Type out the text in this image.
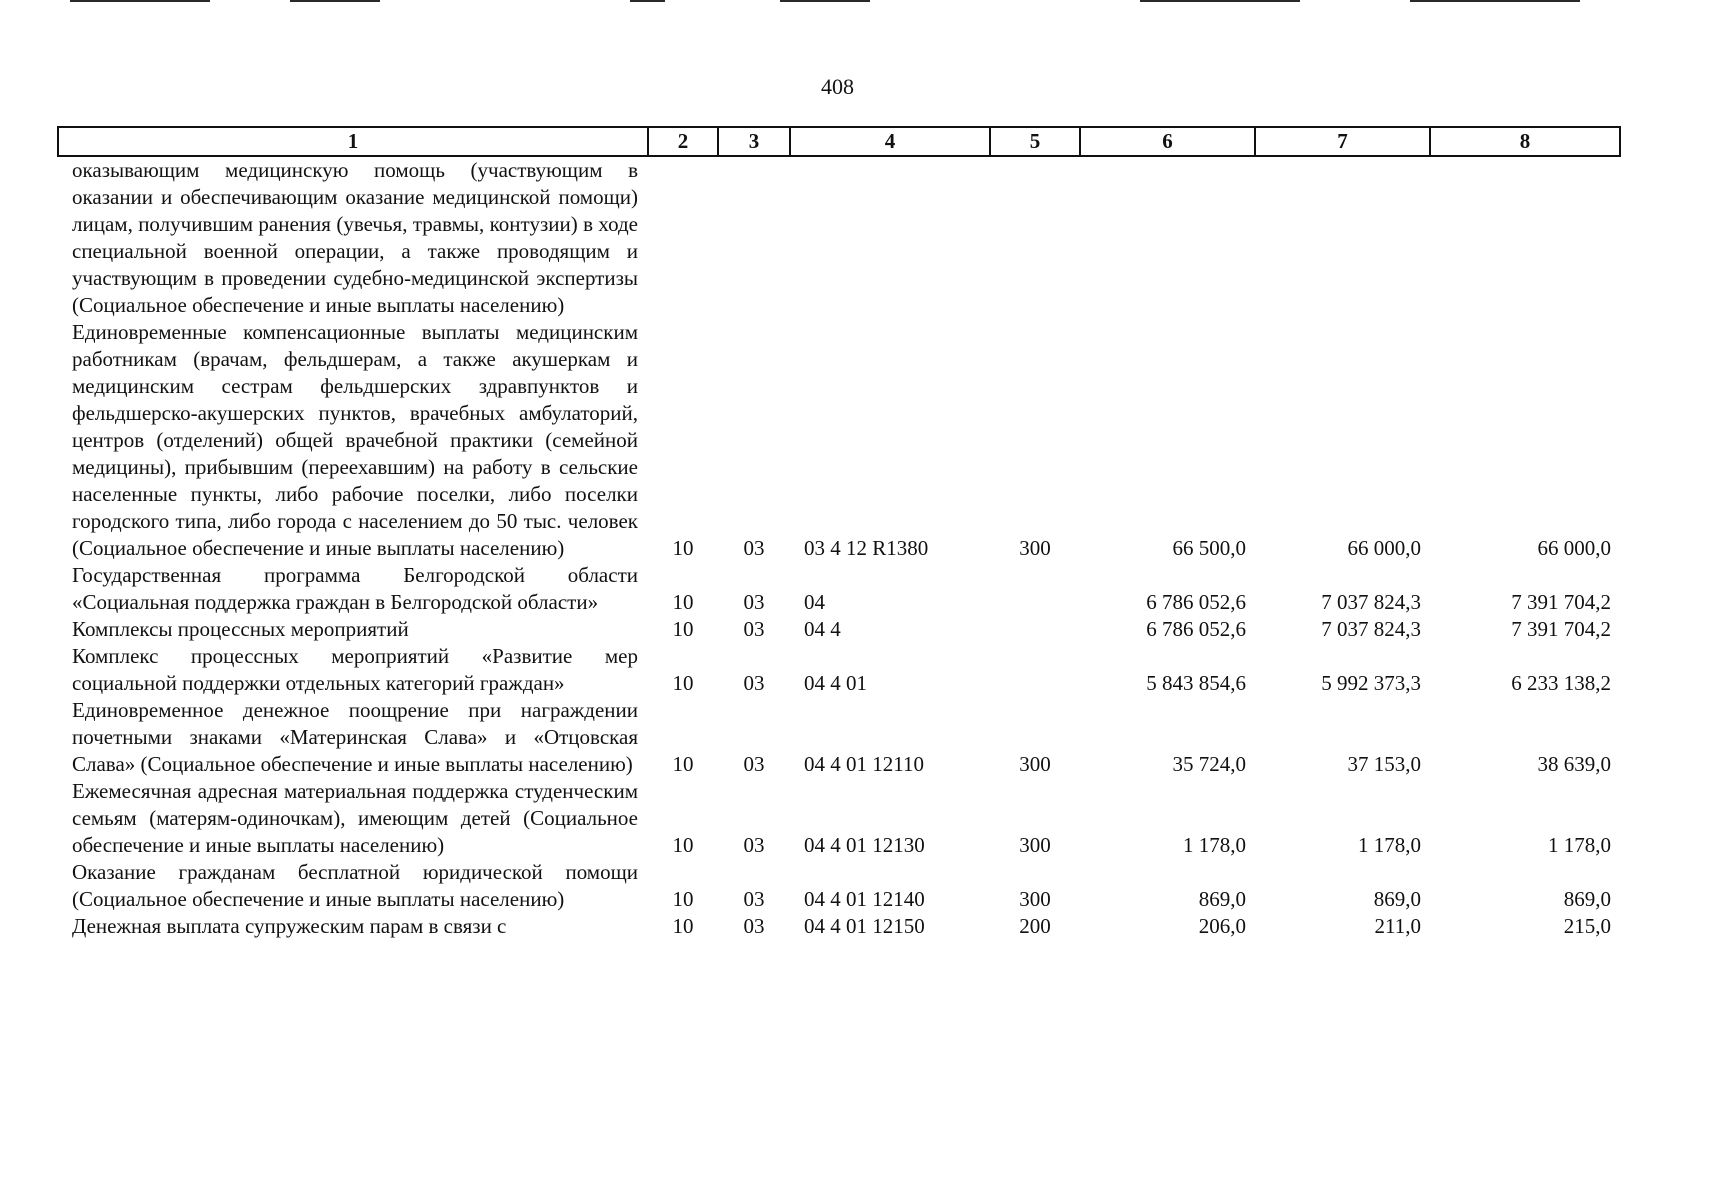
408
1	2	3	4	5	6	7	8
оказывающим медицинскую помощь (участвующим в оказании и обеспечивающим оказание медицинской помощи) лицам, получившим ранения (увечья, травмы, контузии) в ходе специальной военной операции, а также проводящим и участвующим в проведении судебно-медицинской экспертизы (Социальное обеспечение и иные выплаты населению)							
Единовременные компенсационные выплаты медицинским работникам (врачам, фельдшерам, а также акушеркам и медицинским сестрам фельдшерских здравпунктов и фельдшерско-акушерских пунктов, врачебных амбулаторий, центров (отделений) общей врачебной практики (семейной медицины), прибывшим (переехавшим) на работу в сельские населенные пункты, либо рабочие поселки, либо поселки городского типа, либо города с населением до 50 тыс. человек (Социальное обеспечение и иные выплаты населению)	10	03	03 4 12 R1380	300	66 500,0	66 000,0	66 000,0
Государственная программа Белгородской области «Социальная поддержка граждан в Белгородской области»	10	03	04		6 786 052,6	7 037 824,3	7 391 704,2
Комплексы процессных мероприятий	10	03	04 4		6 786 052,6	7 037 824,3	7 391 704,2
Комплекс процессных мероприятий «Развитие мер социальной поддержки отдельных категорий граждан»	10	03	04 4 01		5 843 854,6	5 992 373,3	6 233 138,2
Единовременное денежное поощрение при награждении почетными знаками «Материнская Слава» и «Отцовская Слава» (Социальное обеспечение и иные выплаты населению)	10	03	04 4 01 12110	300	35 724,0	37 153,0	38 639,0
Ежемесячная адресная материальная поддержка студенческим семьям (матерям-одиночкам), имеющим детей (Социальное обеспечение и иные выплаты населению)	10	03	04 4 01 12130	300	1 178,0	1 178,0	1 178,0
Оказание гражданам бесплатной юридической помощи (Социальное обеспечение и иные выплаты населению)	10	03	04 4 01 12140	300	869,0	869,0	869,0
Денежная выплата супружеским парам в связи с	10	03	04 4 01 12150	200	206,0	211,0	215,0
